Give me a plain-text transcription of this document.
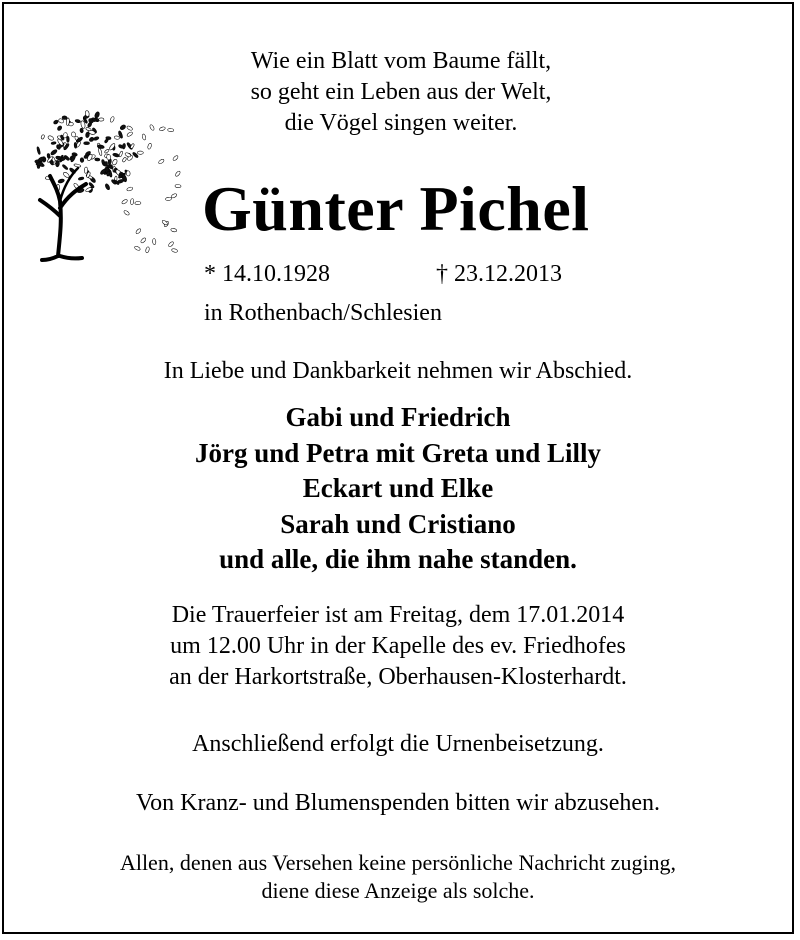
Wie ein Blatt vom Baume fällt,
so geht ein Leben aus der Welt,
die Vögel singen weiter.
Günter Pichel
* 14.10.1928	† 23.12.2013
in Rothenbach/Schlesien
In Liebe und Dankbarkeit nehmen wir Abschied.
Gabi und Friedrich
Jörg und Petra mit Greta und Lilly
Eckart und Elke
Sarah und Cristiano
und alle, die ihm nahe standen.
Die Trauerfeier ist am Freitag, dem 17.01.2014
um 12.00 Uhr in der Kapelle des ev. Friedhofes
an der Harkortstraße, Oberhausen-Klosterhardt.
Anschließend erfolgt die Urnenbeisetzung.
Von Kranz- und Blumenspenden bitten wir abzusehen.
Allen, denen aus Versehen keine persönliche Nachricht zuging,
diene diese Anzeige als solche.
